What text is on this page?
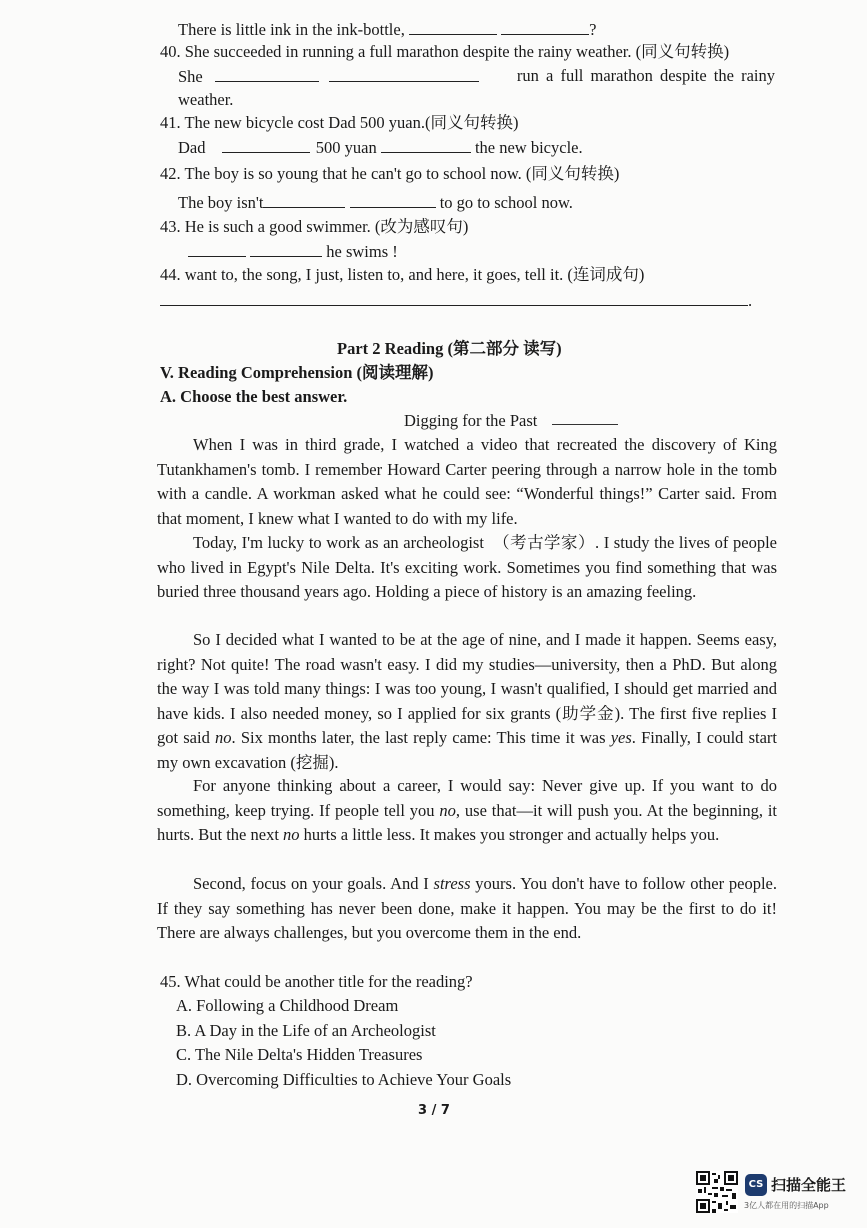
There is little ink in the ink-bottle,	?
40. She succeeded in running a full marathon despite the rainy weather. (同义句转换)
She	run a full marathon despite the rainy
weather.
41. The new bicycle cost Dad 500 yuan.(同义句转换)
Dad	500 yuan	the new bicycle.
42. The boy is so young that he can't go to school now. (同义句转换)
The boy isn't	to go to school now.
43. He is such a good swimmer. (改为感叹句)
he swims !
44. want to, the song, I just, listen to, and here, it goes, tell it. (连词成句)
.
Part 2 Reading (第二部分 读写)
V. Reading Comprehension (阅读理解)
A. Choose the best answer.
Digging for the Past
When I was in third grade, I watched a video that recreated the discovery of King Tutankhamen's tomb. I remember Howard Carter peering through a narrow hole in the tomb with a candle. A workman asked what he could see: “Wonderful things!” Carter said. From that moment, I knew what I wanted to do with my life.
Today, I'm lucky to work as an archeologist  （考古学家）. I study the lives of people who lived in Egypt's Nile Delta. It's exciting work. Sometimes you find something that was buried three thousand years ago. Holding a piece of history is an amazing feeling.
So I decided what I wanted to be at the age of nine, and I made it happen. Seems easy, right? Not quite! The road wasn't easy. I did my studies—university, then a PhD. But along the way I was told many things: I was too young, I wasn't qualified, I should get married and have kids. I also needed money, so I applied for six grants (助学金). The first five replies I got said no. Six months later, the last reply came: This time it was yes. Finally, I could start my own excavation (挖掘).
For anyone thinking about a career, I would say: Never give up. If you want to do something, keep trying. If people tell you no, use that—it will push you. At the beginning, it hurts. But the next no hurts a little less. It makes you stronger and actually helps you.
Second, focus on your goals. And I stress yours. You don't have to follow other people. If they say something has never been done, make it happen. You may be the first to do it! There are always challenges, but you overcome them in the end.
45. What could be another title for the reading?
A. Following a Childhood Dream
B. A Day in the Life of an Archeologist
C. The Nile Delta's Hidden Treasures
D. Overcoming Difficulties to Achieve Your Goals
3 / 7
CS 扫描全能王
3亿人都在用的扫描App
